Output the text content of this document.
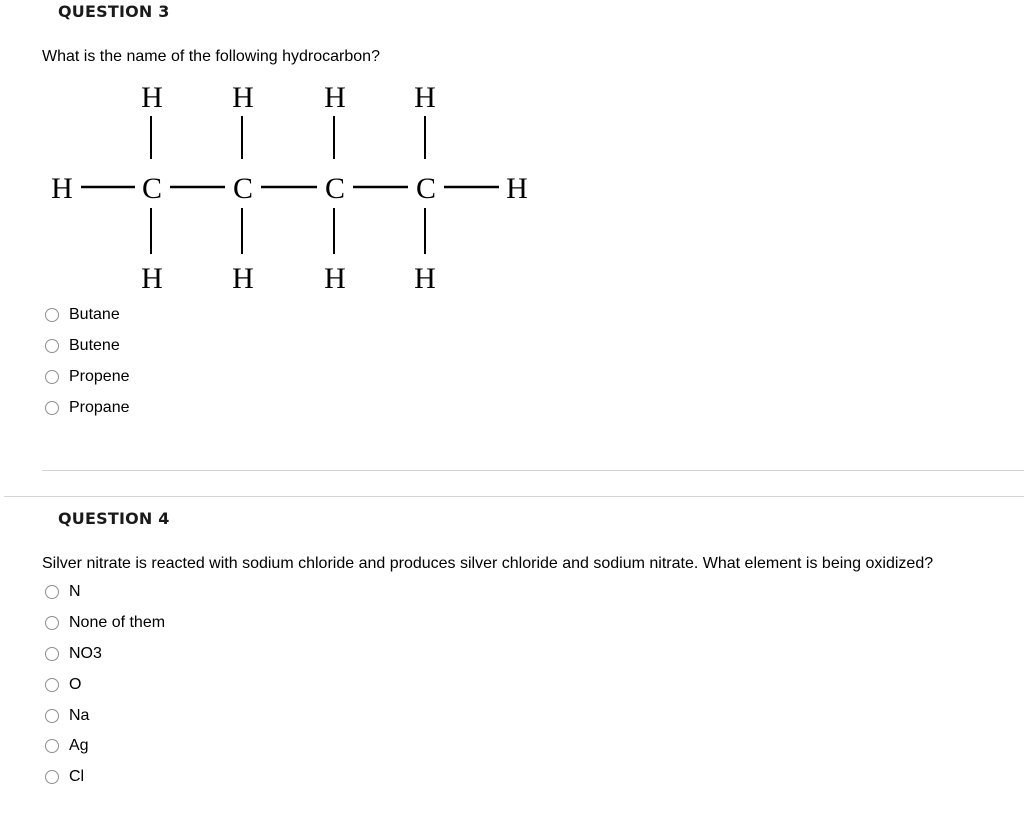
QUESTION 3
What is the name of the following hydrocarbon?
H H H H
H C C C C H
H H H H
Butane
Butene
Propene
Propane
QUESTION 4
Silver nitrate is reacted with sodium chloride and produces silver chloride and sodium nitrate. What element is being oxidized?
N
None of them
NO3
O
Na
Ag
Cl
